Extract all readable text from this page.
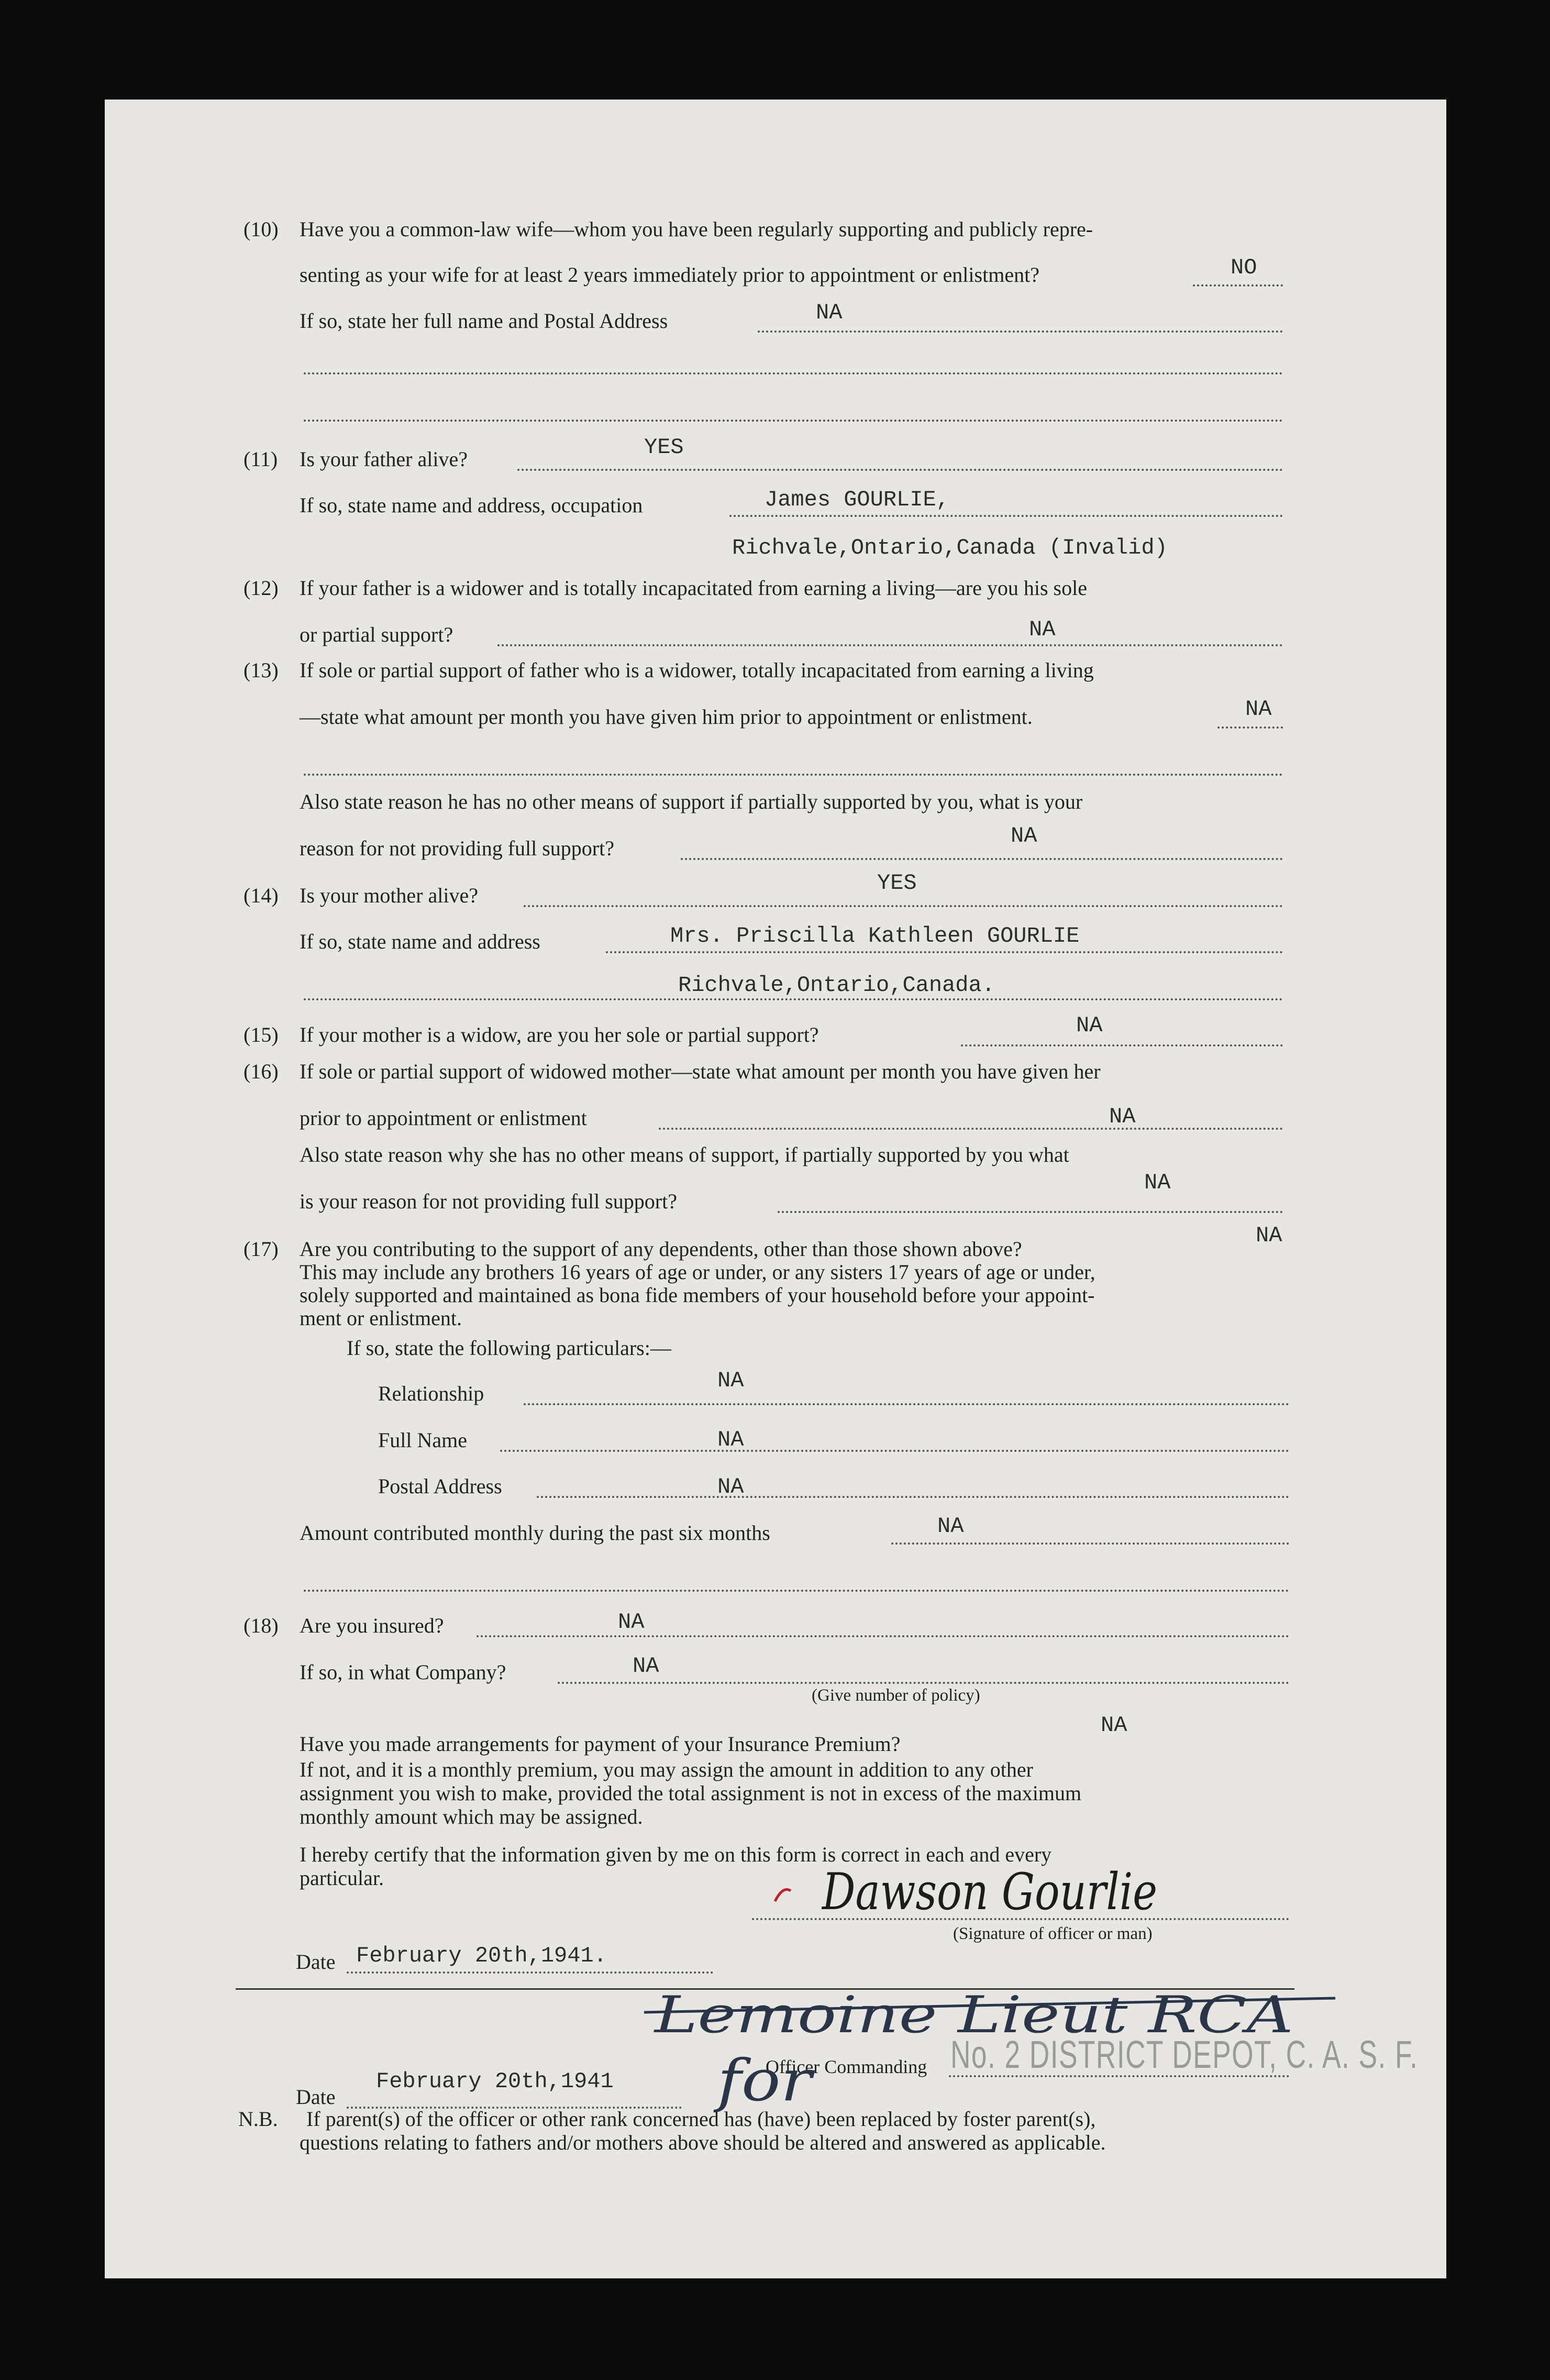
(10) Have you a common-law wife—whom you have been regularly supporting and publicly repre-
senting as your wife for at least 2 years immediately prior to appointment or enlistment?	NO
If so, state her full name and Postal Address	NA
(11) Is your father alive?	YES
If so, state name and address, occupation	James GOURLIE,
Richvale,Ontario,Canada (Invalid)
(12) If your father is a widower and is totally incapacitated from earning a living—are you his sole
or partial support?	NA
(13) If sole or partial support of father who is a widower, totally incapacitated from earning a living
—state what amount per month you have given him prior to appointment or enlistment.	NA
Also state reason he has no other means of support if partially supported by you, what is your
reason for not providing full support?	NA
(14) Is your mother alive?	YES
If so, state name and address	Mrs. Priscilla Kathleen GOURLIE
Richvale,Ontario,Canada.
(15) If your mother is a widow, are you her sole or partial support?	NA
(16) If sole or partial support of widowed mother—state what amount per month you have given her
prior to appointment or enlistment	NA
Also state reason why she has no other means of support, if partially supported by you what
is your reason for not providing full support?
NA
(17) Are you contributing to the support of any dependents, other than those shown above?
NA
This may include any brothers 16 years of age or under, or any sisters 17 years of age or under,
solely supported and maintained as bona fide members of your household before your appoint-
ment or enlistment.
If so, state the following particulars:—
Relationship
NA
Full Name	NA
Postal Address	NA
Amount contributed monthly during the past six months	NA
(18) Are you insured?	NA
If so, in what Company?	NA
(Give number of policy)
Have you made arrangements for payment of your Insurance Premium?
NA
If not, and it is a monthly premium, you may assign the amount in addition to any other
assignment you wish to make, provided the total assignment is not in excess of the maximum
monthly amount which may be assigned.
I hereby certify that the information given by me on this form is correct in each and every
particular.	Dawson Gourlie
(Signature of officer or man)
Date February 20th,1941.
Lemoine Lieut RCA
No. 2 DISTRICT DEPOT, C. A. S. F.
Officer Commanding
for
Date
February 20th,1941
N.B. If parent(s) of the officer or other rank concerned has (have) been replaced by foster parent(s),
questions relating to fathers and/or mothers above should be altered and answered as applicable.
